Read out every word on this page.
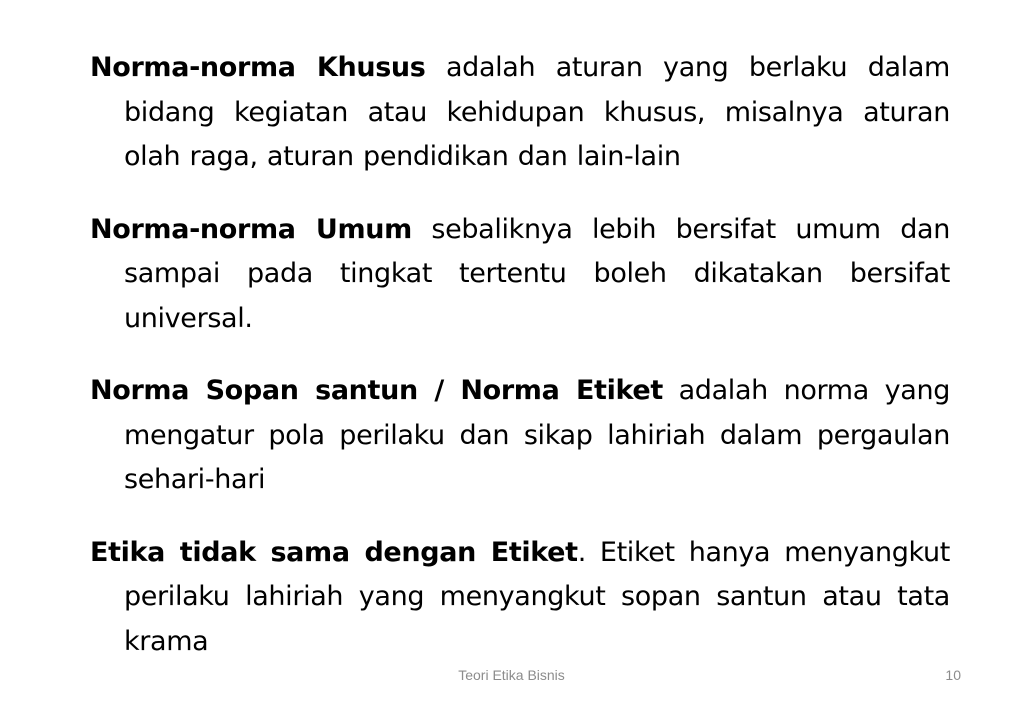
Norma-norma Khusus adalah aturan yang berlaku dalam bidang kegiatan atau kehidupan khusus, misalnya aturan olah raga, aturan pendidikan dan lain-lain

Norma-norma Umum sebaliknya lebih bersifat umum dan sampai pada tingkat tertentu boleh dikatakan bersifat universal.

Norma Sopan santun / Norma Etiket adalah norma yang mengatur pola perilaku dan sikap lahiriah dalam pergaulan sehari-hari

Etika tidak sama dengan Etiket. Etiket hanya menyangkut perilaku lahiriah yang menyangkut sopan santun atau tata krama

Teori Etika Bisnis	10
